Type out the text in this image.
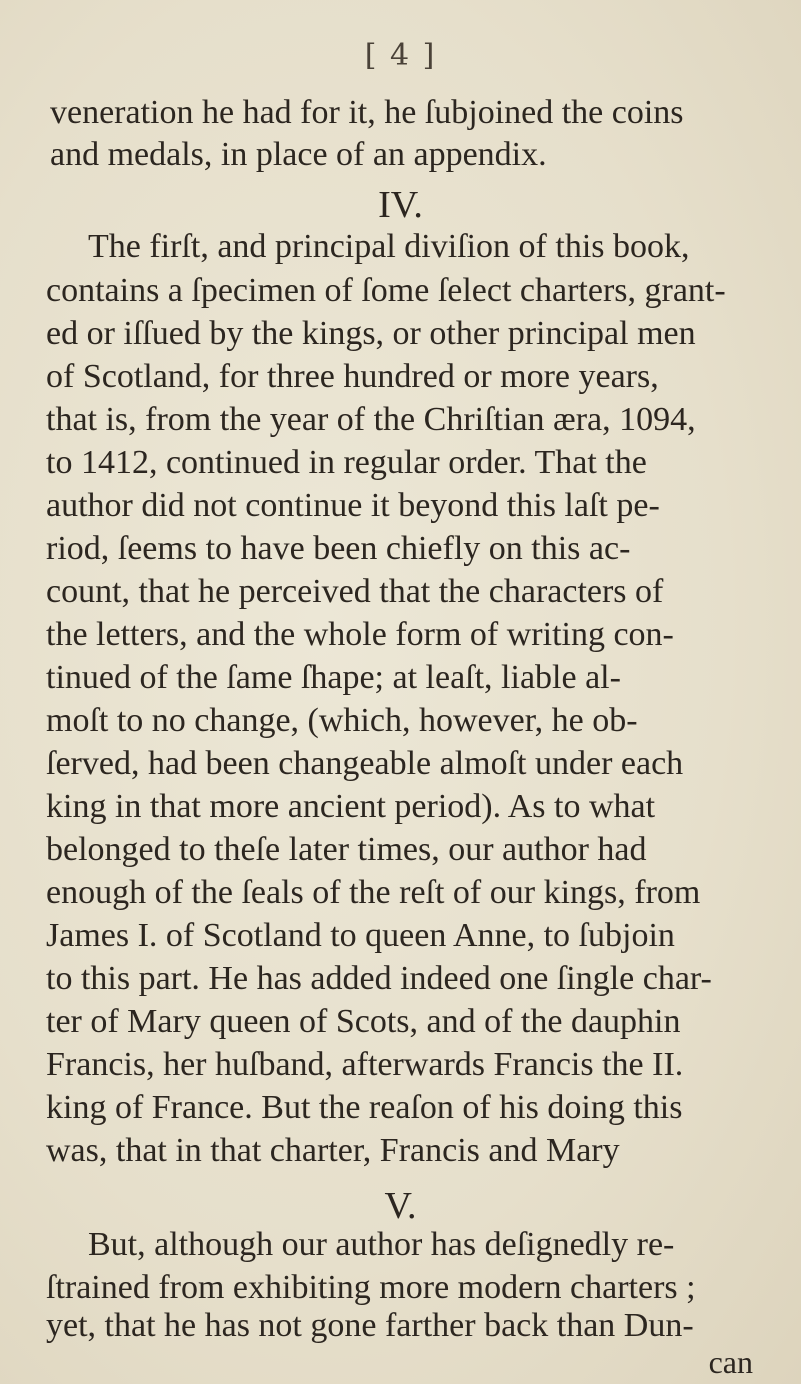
[ 4 ]
veneration he had for it, he ſubjoined the coins
and medals, in place of an appendix.
IV.
The firſt, and principal diviſion of this book,
contains a ſpecimen of ſome ſelect charters, grant-
ed or iſſued by the kings, or other principal men
of Scotland, for three hundred or more years,
that is, from the year of the Chriſtian æra, 1094,
to 1412, continued in regular order. That the
author did not continue it beyond this laſt pe-
riod, ſeems to have been chiefly on this ac-
count, that he perceived that the characters of
the letters, and the whole form of writing con-
tinued of the ſame ſhape; at leaſt, liable al-
moſt to no change, (which, however, he ob-
ſerved, had been changeable almoſt under each
king in that more ancient period). As to what
belonged to theſe later times, our author had
enough of the ſeals of the reſt of our kings, from
James I. of Scotland to queen Anne, to ſubjoin
to this part. He has added indeed one ſingle char-
ter of Mary queen of Scots, and of the dauphin
Francis, her huſband, afterwards Francis the II.
king of France. But the reaſon of his doing this
was, that in that charter, Francis and Mary
V.
But, although our author has deſignedly re-
ſtrained from exhibiting more modern charters ;
yet, that he has not gone farther back than Dun-
can
